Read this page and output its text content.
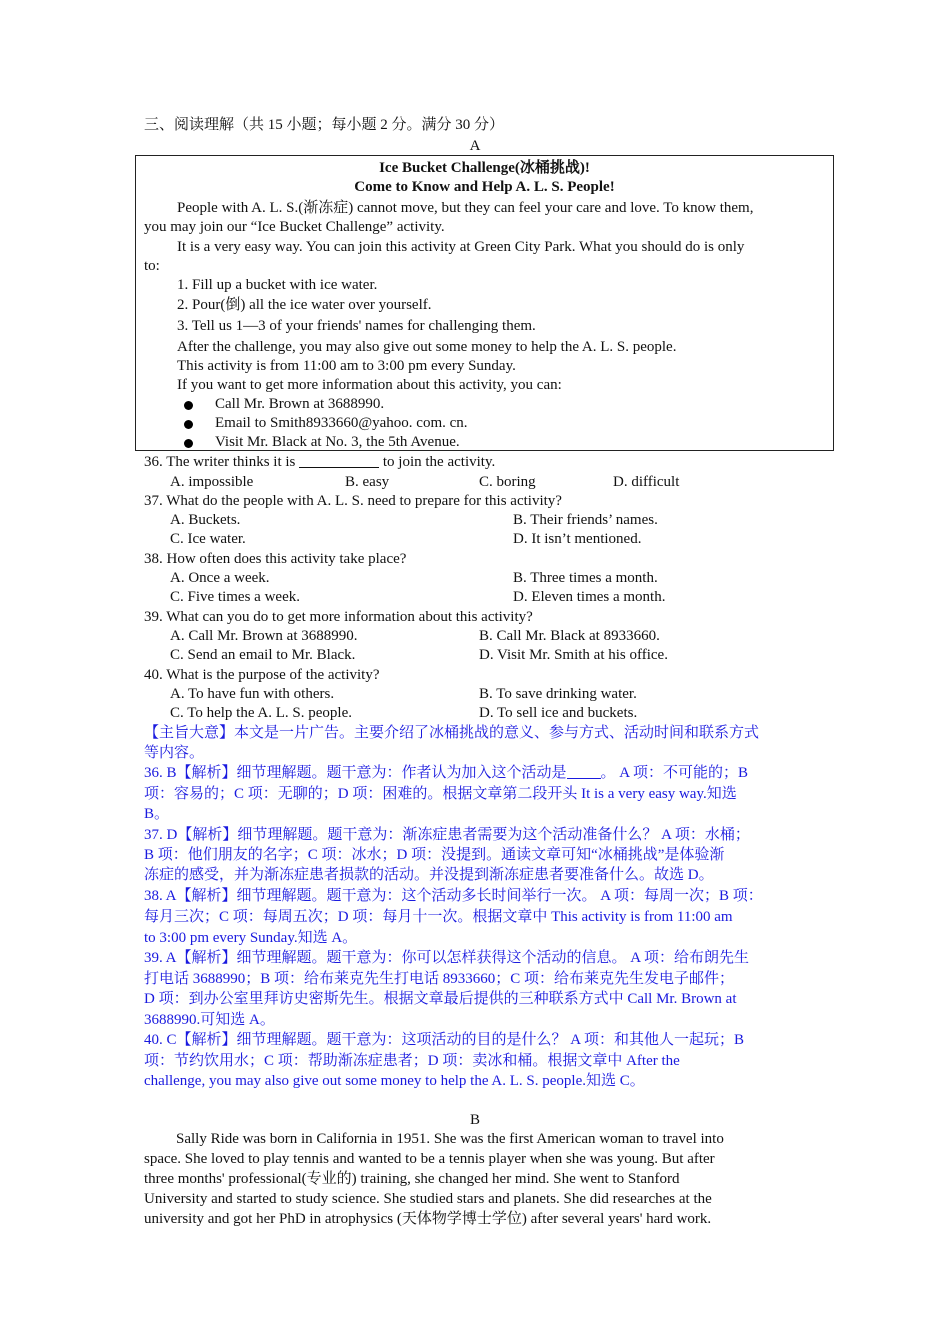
三、阅读理解（共 15 小题；每小题 2 分。满分 30 分）
A
Ice Bucket Challenge(冰桶挑战)!
Come to Know and Help A. L. S. People!
People with A. L. S.(渐冻症) cannot move, but they can feel your care and love. To know them,
you may join our “Ice Bucket Challenge” activity.
It is a very easy way. You can join this activity at Green City Park. What you should do is only
to:
1. Fill up a bucket with ice water.
2. Pour(倒) all the ice water over yourself.
3. Tell us 1—3 of your friends' names for challenging them.
After the challenge, you may also give out some money to help the A. L. S. people.
This activity is from 11:00 am to 3:00 pm every Sunday.
If you want to get more information about this activity, you can:
Call Mr. Brown at 3688990.
Email to Smith8933660@yahoo. com. cn.
Visit Mr. Black at No. 3, the 5th Avenue.
36. The writer thinks it is	to join the activity.
A. impossible	B. easy	C. boring	D. difficult
37. What do the people with A. L. S. need to prepare for this activity?
A. Buckets.	B. Their friends’ names.
C. Ice water.	D. It isn’t mentioned.
38. How often does this activity take place?
A. Once a week.	B. Three times a month.
C. Five times a week.	D. Eleven times a month.
39. What can you do to get more information about this activity?
A. Call Mr. Brown at 3688990.	B. Call Mr. Black at 8933660.
C. Send an email to Mr. Black.	D. Visit Mr. Smith at his office.
40. What is the purpose of the activity?
A. To have fun with others.	B. To save drinking water.
C. To help the A. L. S. people.	D. To sell ice and buckets.
【主旨大意】本文是一片广告。主要介绍了冰桶挑战的意义、参与方式、活动时间和联系方式
等内容。
36. B【解析】细节理解题。题干意为：作者认为加入这个活动是 。 A 项：不可能的；B
项：容易的；C 项：无聊的；D 项：困难的。根据文章第二段开头 It is a very easy way.知选
B。
37. D【解析】细节理解题。题干意为：渐冻症患者需要为这个活动准备什么？ A 项：水桶；
B 项：他们朋友的名字；C 项：冰水；D 项：没提到。通读文章可知“冰桶挑战”是体验渐
冻症的感受，并为渐冻症患者损款的活动。并没提到渐冻症患者要准备什么。故选 D。
38. A【解析】细节理解题。题干意为：这个活动多长时间举行一次。 A 项：每周一次；B 项：
每月三次；C 项：每周五次；D 项：每月十一次。根据文章中 This activity is from 11:00 am
to 3:00 pm every Sunday.知选 A。
39. A【解析】细节理解题。题干意为：你可以怎样获得这个活动的信息。 A 项：给布朗先生
打电话 3688990；B 项：给布莱克先生打电话 8933660；C 项：给布莱克先生发电子邮件；
D 项：到办公室里拜访史密斯先生。根据文章最后提供的三种联系方式中 Call Mr. Brown at
3688990.可知选 A。
40. C【解析】细节理解题。题干意为：这项活动的目的是什么？ A 项：和其他人一起玩；B
项：节约饮用水；C 项：帮助渐冻症患者；D 项：卖冰和桶。根据文章中 After the
challenge, you may also give out some money to help the A. L. S. people.知选 C。
B
Sally Ride was born in California in 1951. She was the first American woman to travel into
space. She loved to play tennis and wanted to be a tennis player when she was young. But after
three months' professional(专业的) training, she changed her mind. She went to Stanford
University and started to study science. She studied stars and planets. She did researches at the
university and got her PhD in atrophysics (天体物学博士学位) after several years' hard work.
